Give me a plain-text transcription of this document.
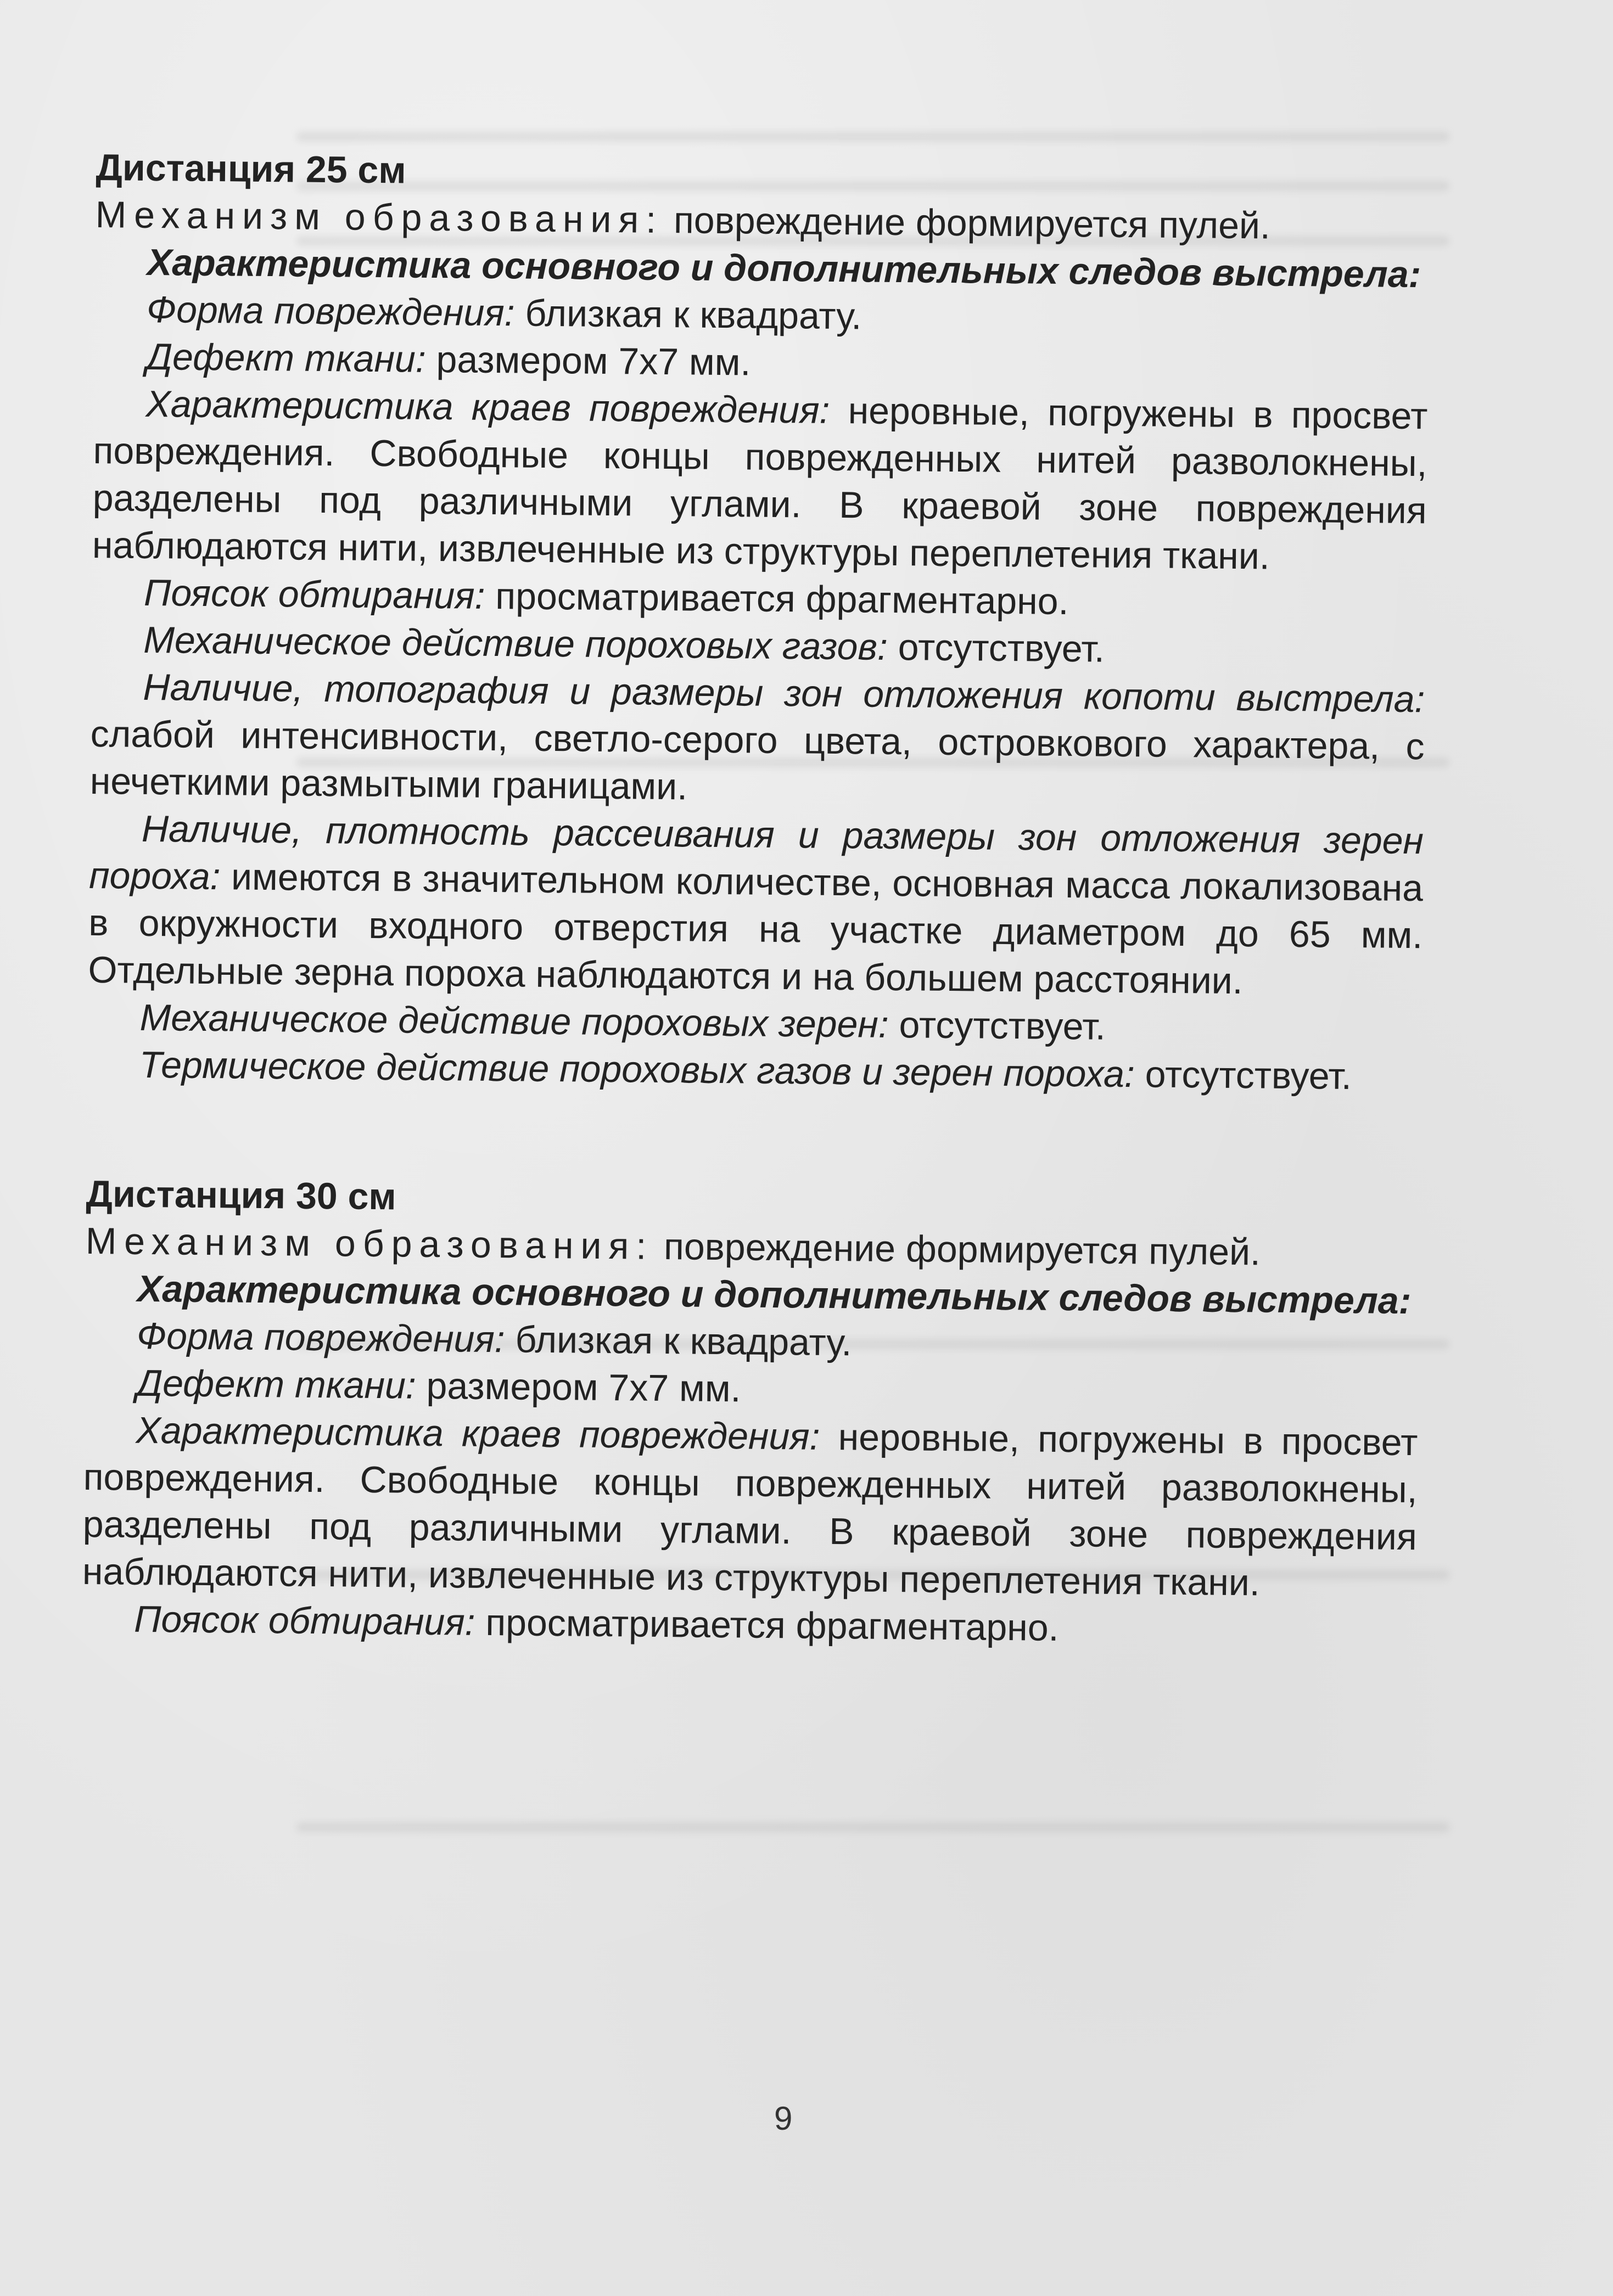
Дистанция 25 см

Механизм образования: повреждение формируется пулей.

Характеристика основного и дополнительных следов выстрела:

Форма повреждения: близкая к квадрату.

Дефект ткани: размером 7х7 мм.

Характеристика краев повреждения: неровные, погружены в просвет повреждения. Свободные концы поврежденных нитей разволокнены, разделены под различными углами. В краевой зоне повреждения наблюдаются нити, извлеченные из структуры переплетения ткани.

Поясок обтирания: просматривается фрагментарно.

Механическое действие пороховых газов: отсутствует.

Наличие, топография и размеры зон отложения копоти выстрела: слабой интенсивности, светло-серого цвета, островкового характера, с нечеткими размытыми границами.

Наличие, плотность рассеивания и размеры зон отложения зерен пороха: имеются в значительном количестве, основная масса локализована в окружности входного отверстия на участке диаметром до 65 мм. Отдельные зерна пороха наблюдаются и на большем расстоянии.

Механическое действие пороховых зерен: отсутствует.

Термическое действие пороховых газов и зерен пороха: отсутствует.

Дистанция 30 см

Механизм образования: повреждение формируется пулей.

Характеристика основного и дополнительных следов выстрела:

Форма повреждения: близкая к квадрату.

Дефект ткани: размером 7х7 мм.

Характеристика краев повреждения: неровные, погружены в просвет повреждения. Свободные концы поврежденных нитей разволокнены, разделены под различными углами. В краевой зоне повреждения наблюдаются нити, извлеченные из структуры переплетения ткани.

Поясок обтирания: просматривается фрагментарно.

9
